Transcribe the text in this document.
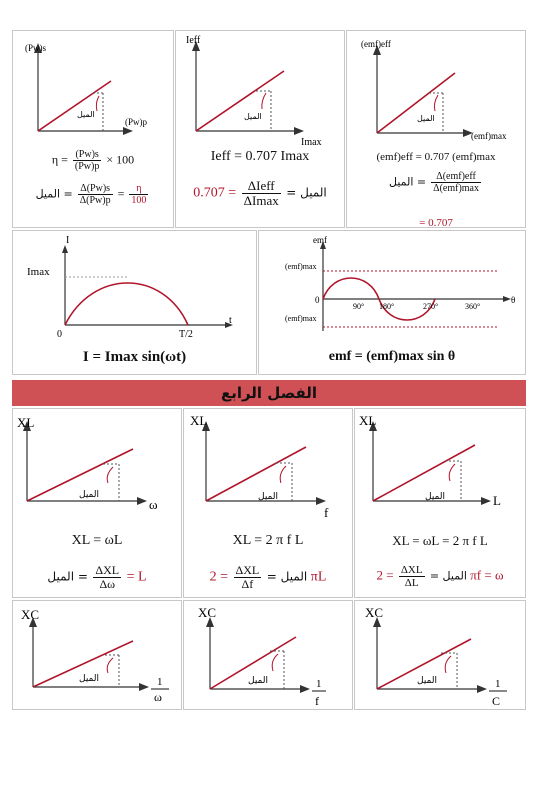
(Pw)s
(Pw)p
الميل
$\eta = \frac{(Pw)s}{(Pw)p} \times 100$
الميل = $\frac{\Delta(Pw)s}{\Delta(Pw)p} = \frac{\eta}{100}$
Ieff
Imax
الميل
Ieff = 0.707 Imax
الميل =
$\frac{\text{ΔIeff}}{\Delta Imax}$
= 0.707
(emf)eff
(emf)max
الميل
(emf)eff = 0.707 (emf)max
الميل = $\frac{\text{Δ(emf)eff}}{\text{Δ(emf)max}}$
= 0.707
I
Imax
0	T/2
t
I = Imax sin(ωt)
emf
(emf)max
(emf)max
0
90° 180°	270°	360°
θ
emf = (emf)max sin θ
الفصل الرابع
XL
ω
الميل
XL = ωL
الميل = $\frac{\text{ΔXL}}{\Delta\omega} = L$
XL
f
الميل
XL = 2 π f L
الميل =
$\frac{\text{ΔXL}}{\Delta f}$
= 2 πL
XL
L
الميل
XL = ωL = 2 π f L
الميل =
$\frac{\text{ΔXL}}{\Delta L}$
= 2 πf = ω
XC
الميل	1
ω
XC
الميل	1
f
XC
الميل	1
C
